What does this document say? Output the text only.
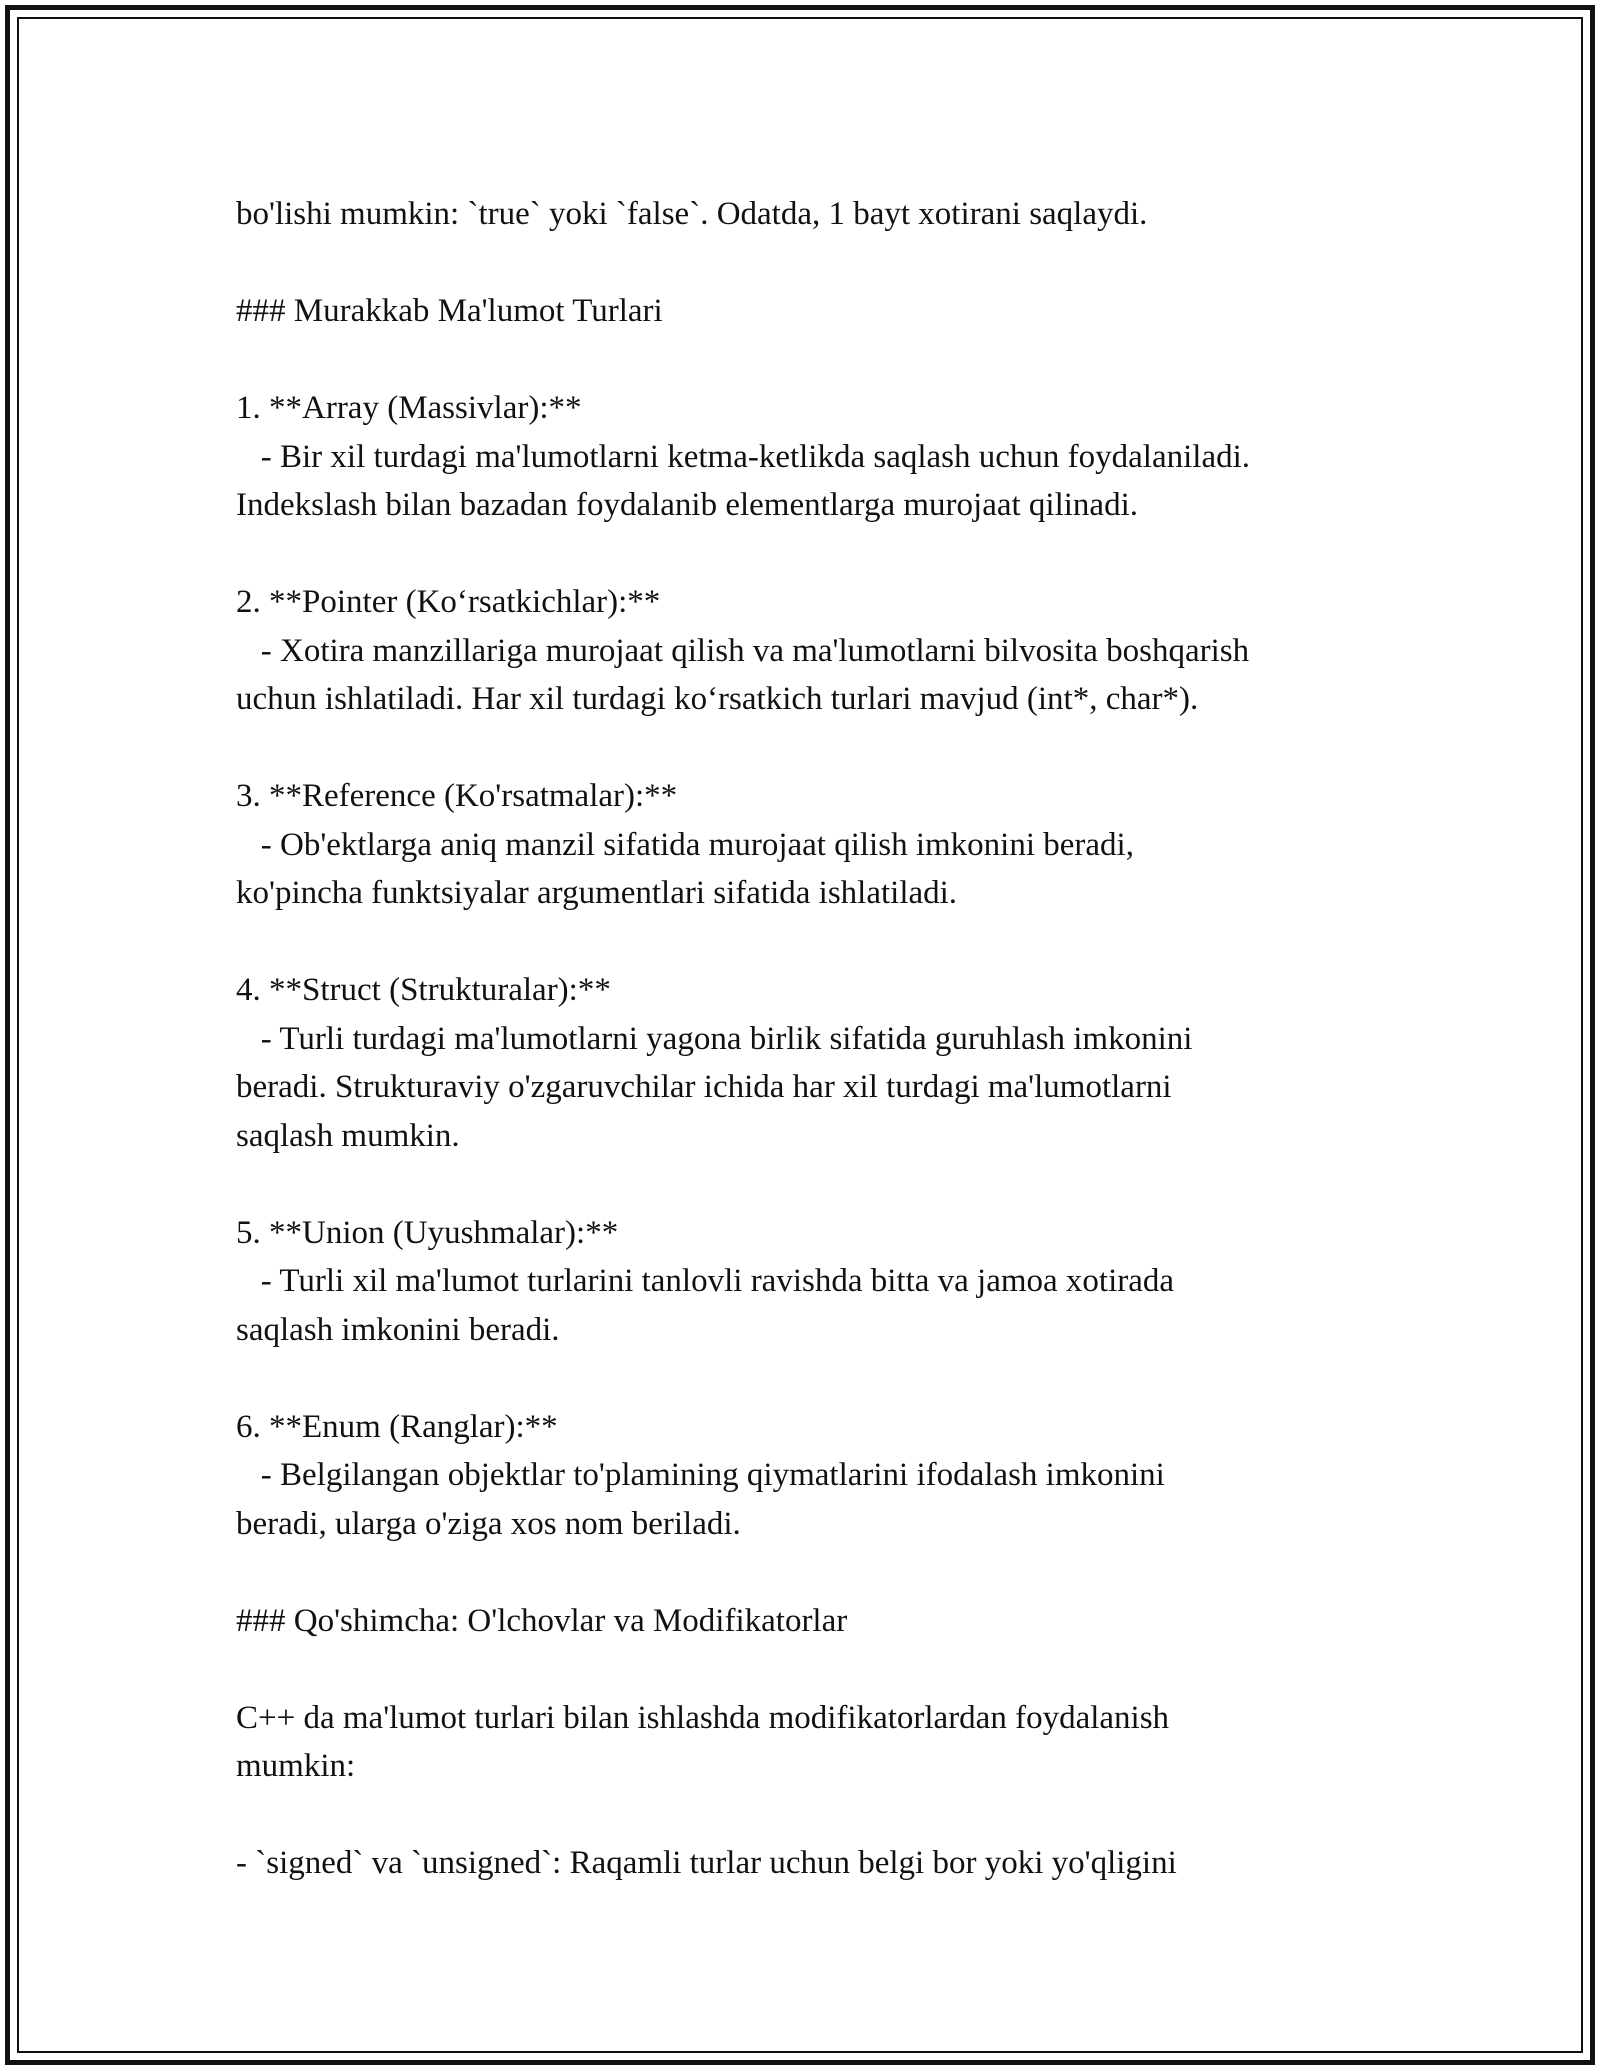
bo'lishi mumkin: `true` yoki `false`. Odatda, 1 bayt xotirani saqlaydi.
### Murakkab Ma'lumot Turlari
1. **Array (Massivlar):**
- Bir xil turdagi ma'lumotlarni ketma-ketlikda saqlash uchun foydalaniladi.
Indekslash bilan bazadan foydalanib elementlarga murojaat qilinadi.
2. **Pointer (Ko‘rsatkichlar):**
- Xotira manzillariga murojaat qilish va ma'lumotlarni bilvosita boshqarish
uchun ishlatiladi. Har xil turdagi ko‘rsatkich turlari mavjud (int*, char*).
3. **Reference (Ko'rsatmalar):**
- Ob'ektlarga aniq manzil sifatida murojaat qilish imkonini beradi,
ko'pincha funktsiyalar argumentlari sifatida ishlatiladi.
4. **Struct (Strukturalar):**
- Turli turdagi ma'lumotlarni yagona birlik sifatida guruhlash imkonini
beradi. Strukturaviy o'zgaruvchilar ichida har xil turdagi ma'lumotlarni
saqlash mumkin.
5. **Union (Uyushmalar):**
- Turli xil ma'lumot turlarini tanlovli ravishda bitta va jamoa xotirada
saqlash imkonini beradi.
6. **Enum (Ranglar):**
- Belgilangan objektlar to'plamining qiymatlarini ifodalash imkonini
beradi, ularga o'ziga xos nom beriladi.
### Qo'shimcha: O'lchovlar va Modifikatorlar
C++ da ma'lumot turlari bilan ishlashda modifikatorlardan foydalanish
mumkin:
- `signed` va `unsigned`: Raqamli turlar uchun belgi bor yoki yo'qligini
